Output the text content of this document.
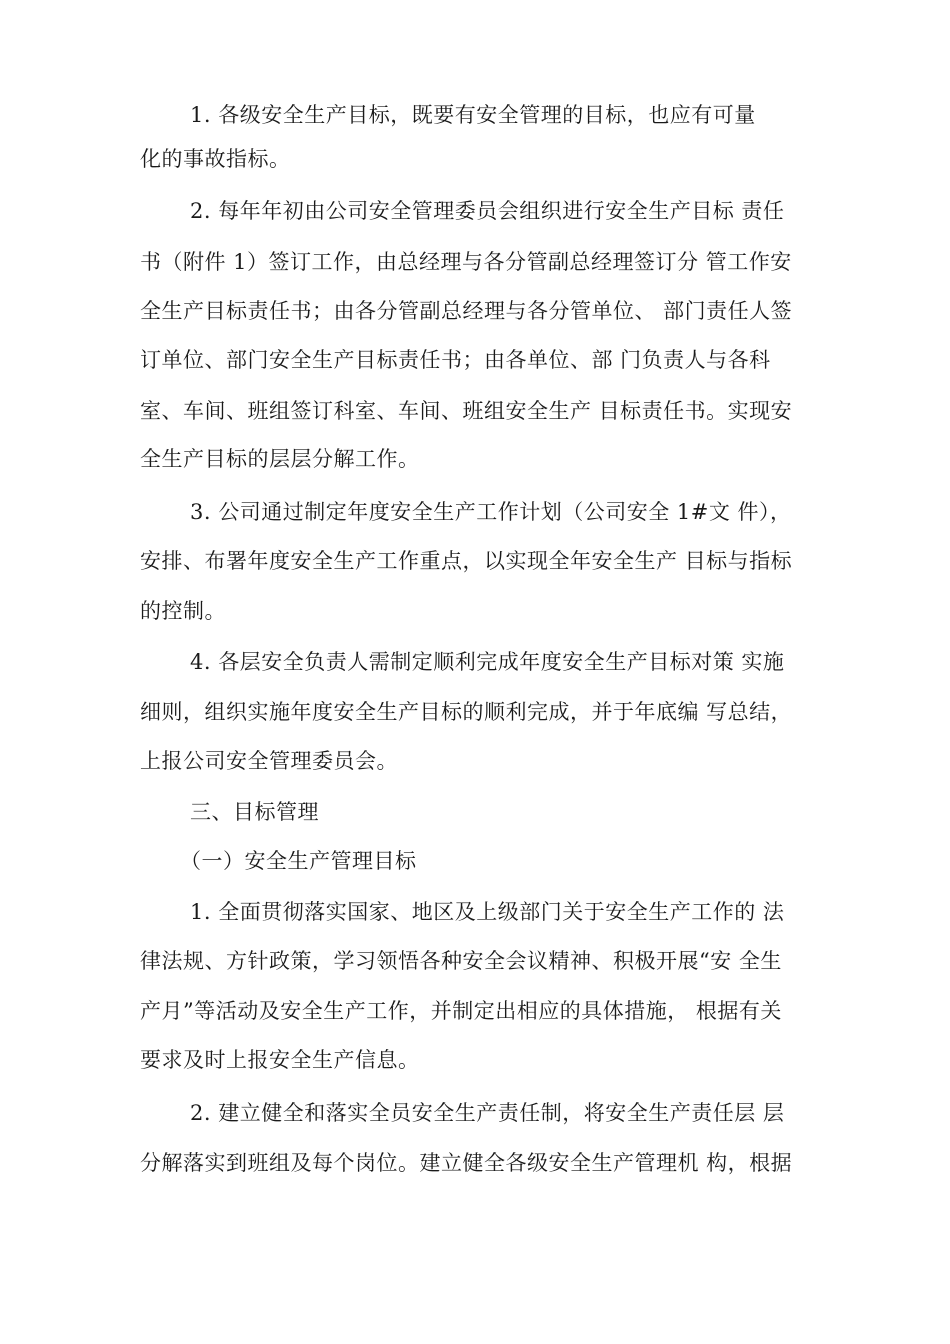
1. 各级安全生产目标，既要有安全管理的目标，也应有可量
化的事故指标。
2. 每年年初由公司安全管理委员会组织进行安全生产目标 责任
书（附件 1）签订工作，由总经理与各分管副总经理签订分 管工作安
全生产目标责任书；由各分管副总经理与各分管单位、 部门责任人签
订单位、部门安全生产目标责任书；由各单位、部 门负责人与各科
室、车间、班组签订科室、车间、班组安全生产 目标责任书。实现安
全生产目标的层层分解工作。
3. 公司通过制定年度安全生产工作计划（公司安全 1#文 件），
安排、布署年度安全生产工作重点，以实现全年安全生产 目标与指标
的控制。
4. 各层安全负责人需制定顺利完成年度安全生产目标对策 实施
细则，组织实施年度安全生产目标的顺利完成，并于年底编 写总结，
上报公司安全管理委员会。
三、目标管理
（一）安全生产管理目标
1. 全面贯彻落实国家、地区及上级部门关于安全生产工作的 法
律法规、方针政策，学习领悟各种安全会议精神、积极开展“安 全生
产月”等活动及安全生产工作，并制定出相应的具体措施， 根据有关
要求及时上报安全生产信息。
2. 建立健全和落实全员安全生产责任制，将安全生产责任层 层
分解落实到班组及每个岗位。建立健全各级安全生产管理机 构，根据
